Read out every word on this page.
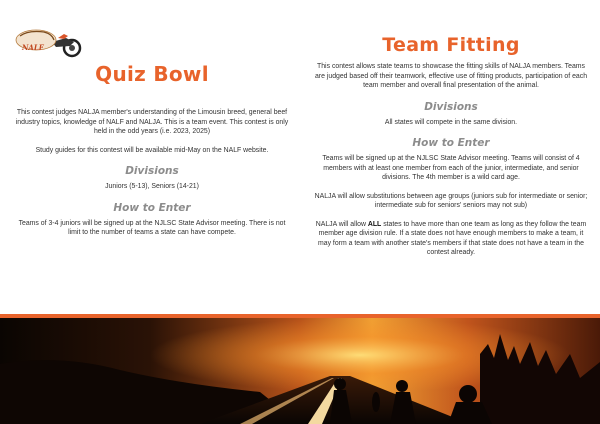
NALF
Quiz Bowl

This contest judges NALJA member's understanding of the Limousin breed, general beef industry topics, knowledge of NALF and NALJA. This is a team event. This contest is only held in the odd years (i.e. 2023, 2025)

Study guides for this contest will be available mid-May on the NALF website.

Divisions

Juniors (5-13), Seniors (14-21)

How to Enter

Teams of 3-4 juniors will be signed up at the NJLSC State Advisor meeting. There is not limit to the number of teams a state can have compete.

Team Fitting

This contest allows state teams to showcase the fitting skills of NALJA members. Teams are judged based off their teamwork, effective use of fitting products, participation of each team member and overall final presentation of the animal.

Divisions

All states will compete in the same division.

How to Enter

Teams will be signed up at the NJLSC State Advisor meeting. Teams will consist of 4 members with at least one member from each of the junior, intermediate, and senior divisions. The 4th member is a wild card age.

NALJA will allow substitutions between age groups (juniors sub for intermediate or senior; intermediate sub for seniors' seniors may not sub)

NALJA will allow ALL states to have more than one team as long as they follow the team member age division rule. If a state does not have enough members to make a team, it may form a team with another state's members if that state does not have a team in the contest already.
